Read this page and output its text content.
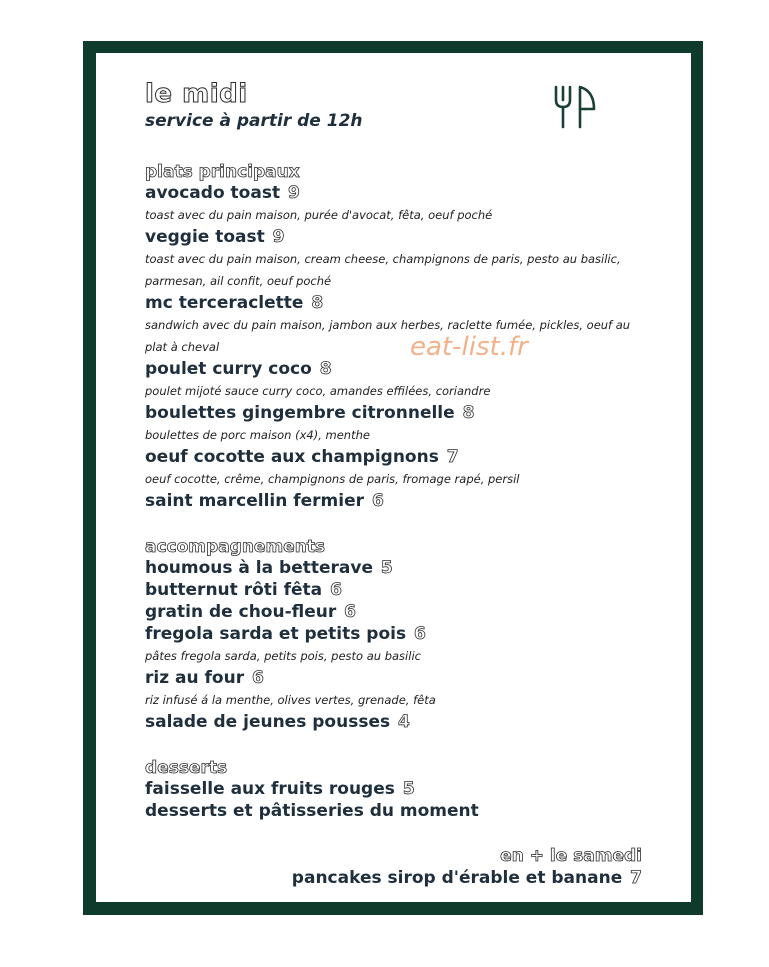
le midi

service à partir de 12h

plats principaux

avocado toast 9

toast avec du pain maison, purée d'avocat, fêta, oeuf poché

veggie toast 9

toast avec du pain maison, cream cheese, champignons de paris, pesto au basilic, parmesan, ail confit, oeuf poché

mc terceraclette 8

sandwich avec du pain maison, jambon aux herbes, raclette fumée, pickles, oeuf au plat à cheval

poulet curry coco 8

poulet mijoté sauce curry coco, amandes effilées, coriandre

boulettes gingembre citronnelle 8

boulettes de porc maison (x4), menthe

oeuf cocotte aux champignons 7

oeuf cocotte, crême, champignons de paris, fromage rapé, persil

saint marcellin fermier 6

accompagnements

houmous à la betterave 5

butternut rôti fêta 6

gratin de chou-fleur 6

fregola sarda et petits pois 6

pâtes fregola sarda, petits pois, pesto au basilic

riz au four 6

riz infusé á la menthe, olives vertes, grenade, fêta

salade de jeunes pousses 4

desserts

faisselle aux fruits rouges 5

desserts et pâtisseries du moment

en + le samedi

pancakes sirop d'érable et banane 7

eat-list.fr
